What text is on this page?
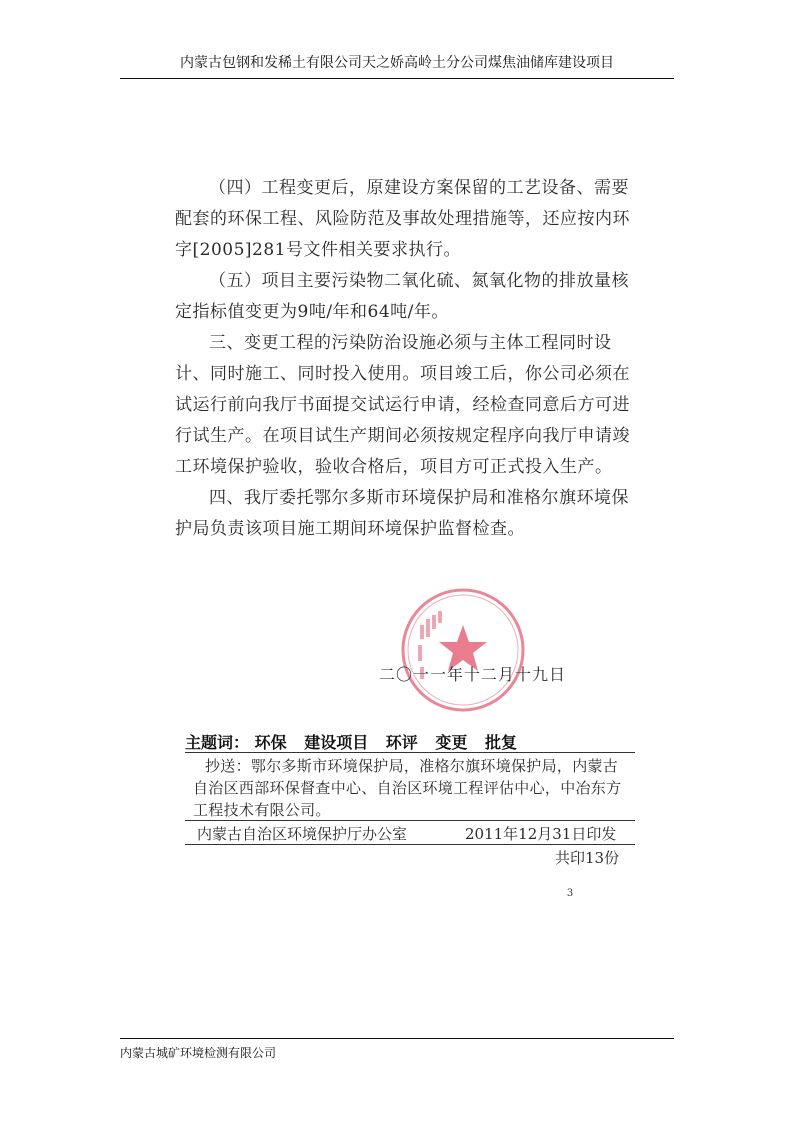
内蒙古包钢和发稀土有限公司天之娇高岭土分公司煤焦油储库建设项目
（四）工程变更后，原建设方案保留的工艺设备、需要配套的环保工程、风险防范及事故处理措施等，还应按内环字[2005]281号文件相关要求执行。
（五）项目主要污染物二氧化硫、氮氧化物的排放量核定指标值变更为9吨/年和64吨/年。
三、变更工程的污染防治设施必须与主体工程同时设计、同时施工、同时投入使用。项目竣工后，你公司必须在试运行前向我厅书面提交试运行申请，经检查同意后方可进行试生产。在项目试生产期间必须按规定程序向我厅申请竣工环境保护验收，验收合格后，项目方可正式投入生产。
四、我厅委托鄂尔多斯市环境保护局和准格尔旗环境保护局负责该项目施工期间环境保护监督检查。
二〇一一年十二月十九日
主题词： 环保 建设项目 环评 变更 批复
抄送：鄂尔多斯市环境保护局，准格尔旗环境保护局，内蒙古自治区西部环保督查中心、自治区环境工程评估中心，中冶东方工程技术有限公司。
内蒙古自治区环境保护厅办公室	2011年12月31日印发
共印13份
3
内蒙古城矿环境检测有限公司
